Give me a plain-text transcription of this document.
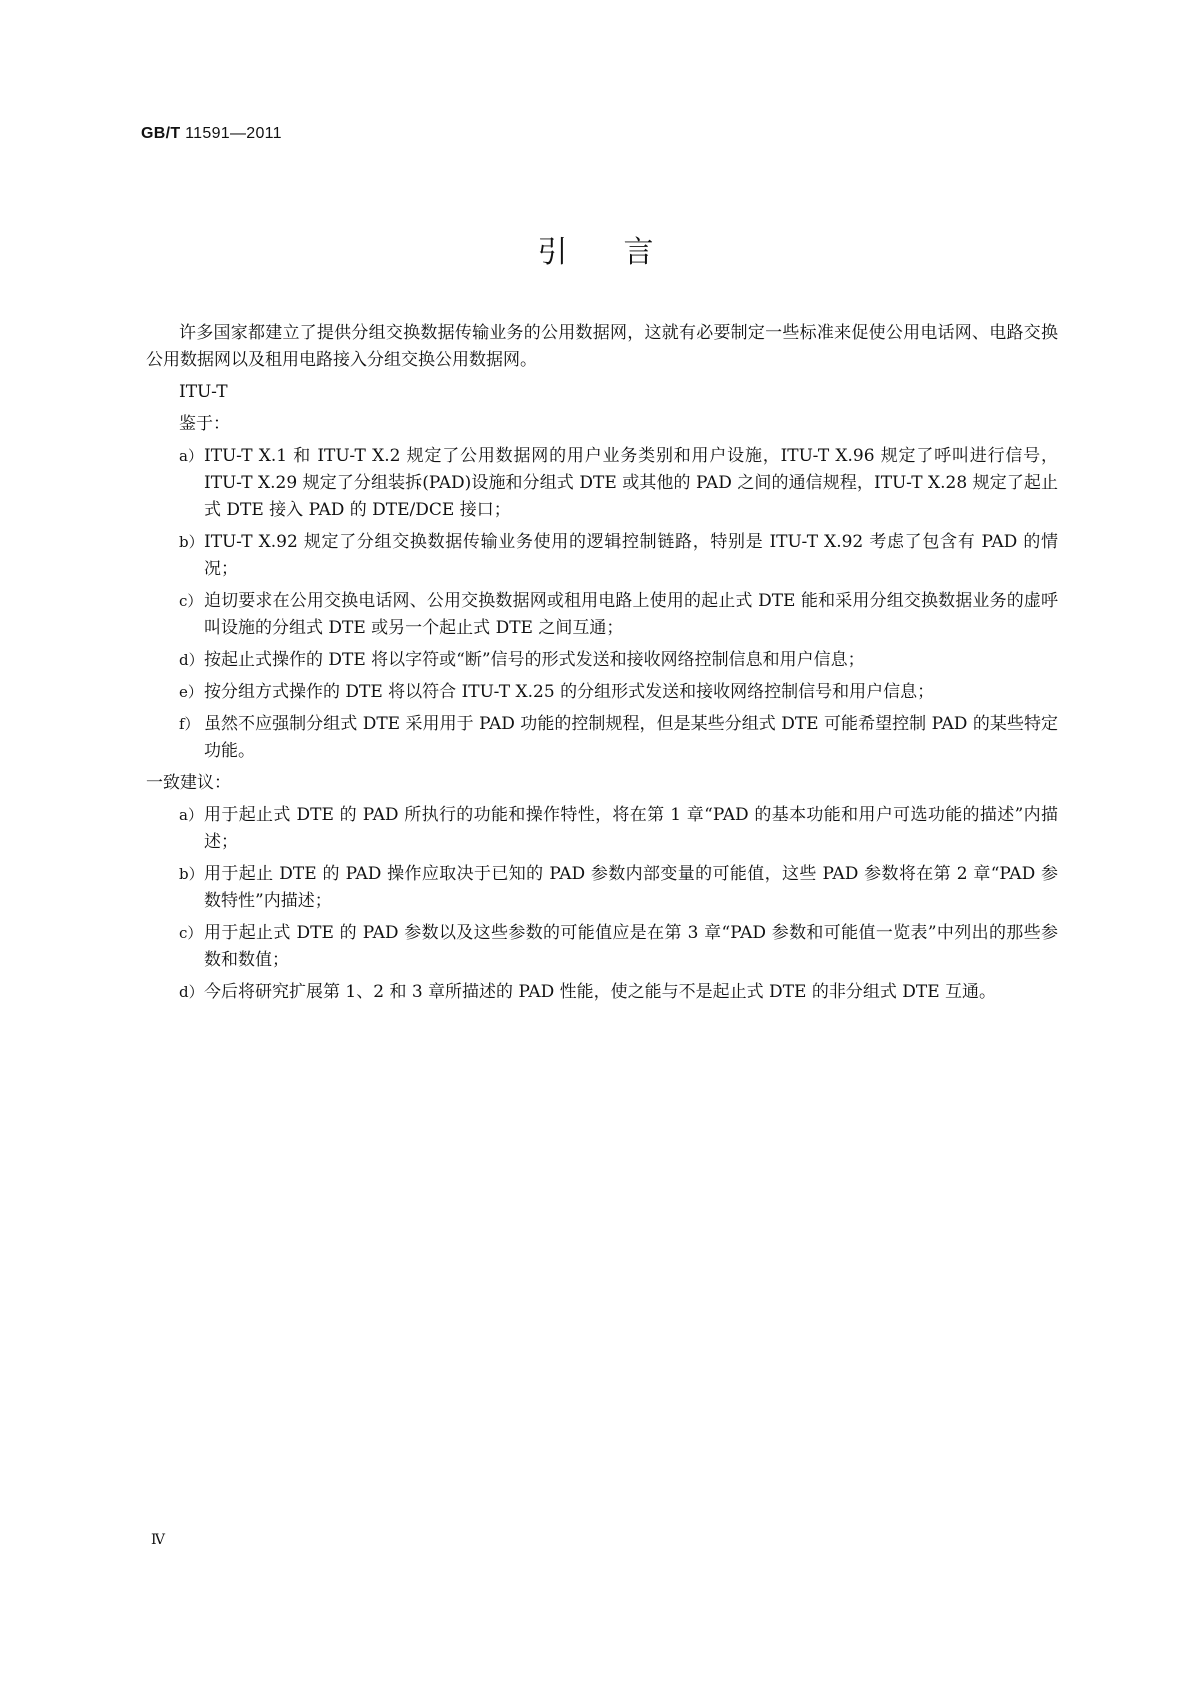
GB/T 11591—2011
引言

许多国家都建立了提供分组交换数据传输业务的公用数据网，这就有必要制定一些标准来促使公用电话网、电路交换公用数据网以及租用电路接入分组交换公用数据网。

ITU-T
鉴于：
a） ITU-T X.1 和 ITU-T X.2 规定了公用数据网的用户业务类别和用户设施，ITU-T X.96 规定了呼叫进行信号，ITU-T X.29 规定了分组装拆(PAD)设施和分组式 DTE 或其他的 PAD 之间的通信规程，ITU-T X.28 规定了起止式 DTE 接入 PAD 的 DTE/DCE 接口；
b） ITU-T X.92 规定了分组交换数据传输业务使用的逻辑控制链路，特别是 ITU-T X.92 考虑了包含有 PAD 的情况；
c） 迫切要求在公用交换电话网、公用交换数据网或租用电路上使用的起止式 DTE 能和采用分组交换数据业务的虚呼叫设施的分组式 DTE 或另一个起止式 DTE 之间互通；
d） 按起止式操作的 DTE 将以字符或“断”信号的形式发送和接收网络控制信息和用户信息；
e） 按分组方式操作的 DTE 将以符合 ITU-T X.25 的分组形式发送和接收网络控制信号和用户信息；
f） 虽然不应强制分组式 DTE 采用用于 PAD 功能的控制规程，但是某些分组式 DTE 可能希望控制 PAD 的某些特定功能。
一致建议：
a） 用于起止式 DTE 的 PAD 所执行的功能和操作特性，将在第 1 章“PAD 的基本功能和用户可选功能的描述”内描述；
b） 用于起止 DTE 的 PAD 操作应取决于已知的 PAD 参数内部变量的可能值，这些 PAD 参数将在第 2 章“PAD 参数特性”内描述；
c） 用于起止式 DTE 的 PAD 参数以及这些参数的可能值应是在第 3 章“PAD 参数和可能值一览表”中列出的那些参数和数值；
d） 今后将研究扩展第 1、2 和 3 章所描述的 PAD 性能，使之能与不是起止式 DTE 的非分组式 DTE 互通。
Ⅳ
